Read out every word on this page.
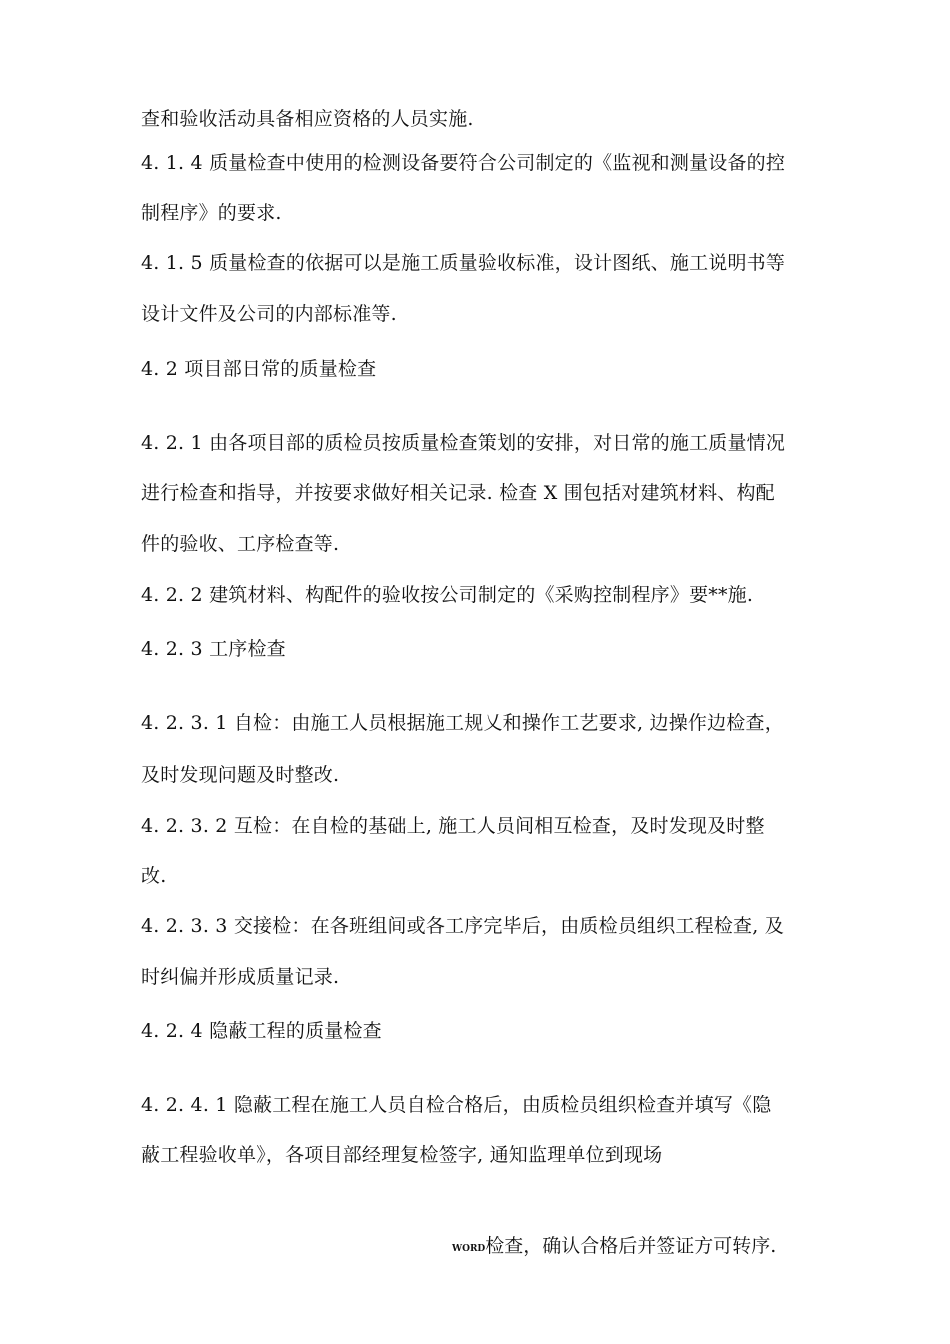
查和验收活动具备相应资格的人员实施.
4. 1. 4 质量检查中使用的检测设备要符合公司制定的《监视和测量设备的控
制程序》的要求.
4. 1. 5 质量检查的依据可以是施工质量验收标准，设计图纸、施工说明书等
设计文件及公司的内部标准等.
4. 2 项目部日常的质量检查
4. 2. 1 由各项目部的质检员按质量检查策划的安排，对日常的施工质量情况
进行检查和指导，并按要求做好相关记录. 检查 X 围包括对建筑材料、构配
件的验收、工序检查等.
4. 2. 2 建筑材料、构配件的验收按公司制定的《采购控制程序》要**施.
4. 2. 3 工序检查
4. 2. 3. 1 自检：由施工人员根据施工规乂和操作工艺要求, 边操作边检查，
及时发现问题及时整改.
4. 2. 3. 2 互检：在自检的基础上, 施工人员间相互检查，及时发现及时整
改.
4. 2. 3. 3 交接检：在各班组间或各工序完毕后，由质检员组织工程检查, 及
时纠偏并形成质量记录.
4. 2. 4 隐蔽工程的质量检查
4. 2. 4. 1 隐蔽工程在施工人员自检合格后，由质检员组织检查并填写《隐
蔽工程验收单》，各项目部经理复检签字, 通知监理单位到现场
WORD检查，确认合格后并签证方可转序.
